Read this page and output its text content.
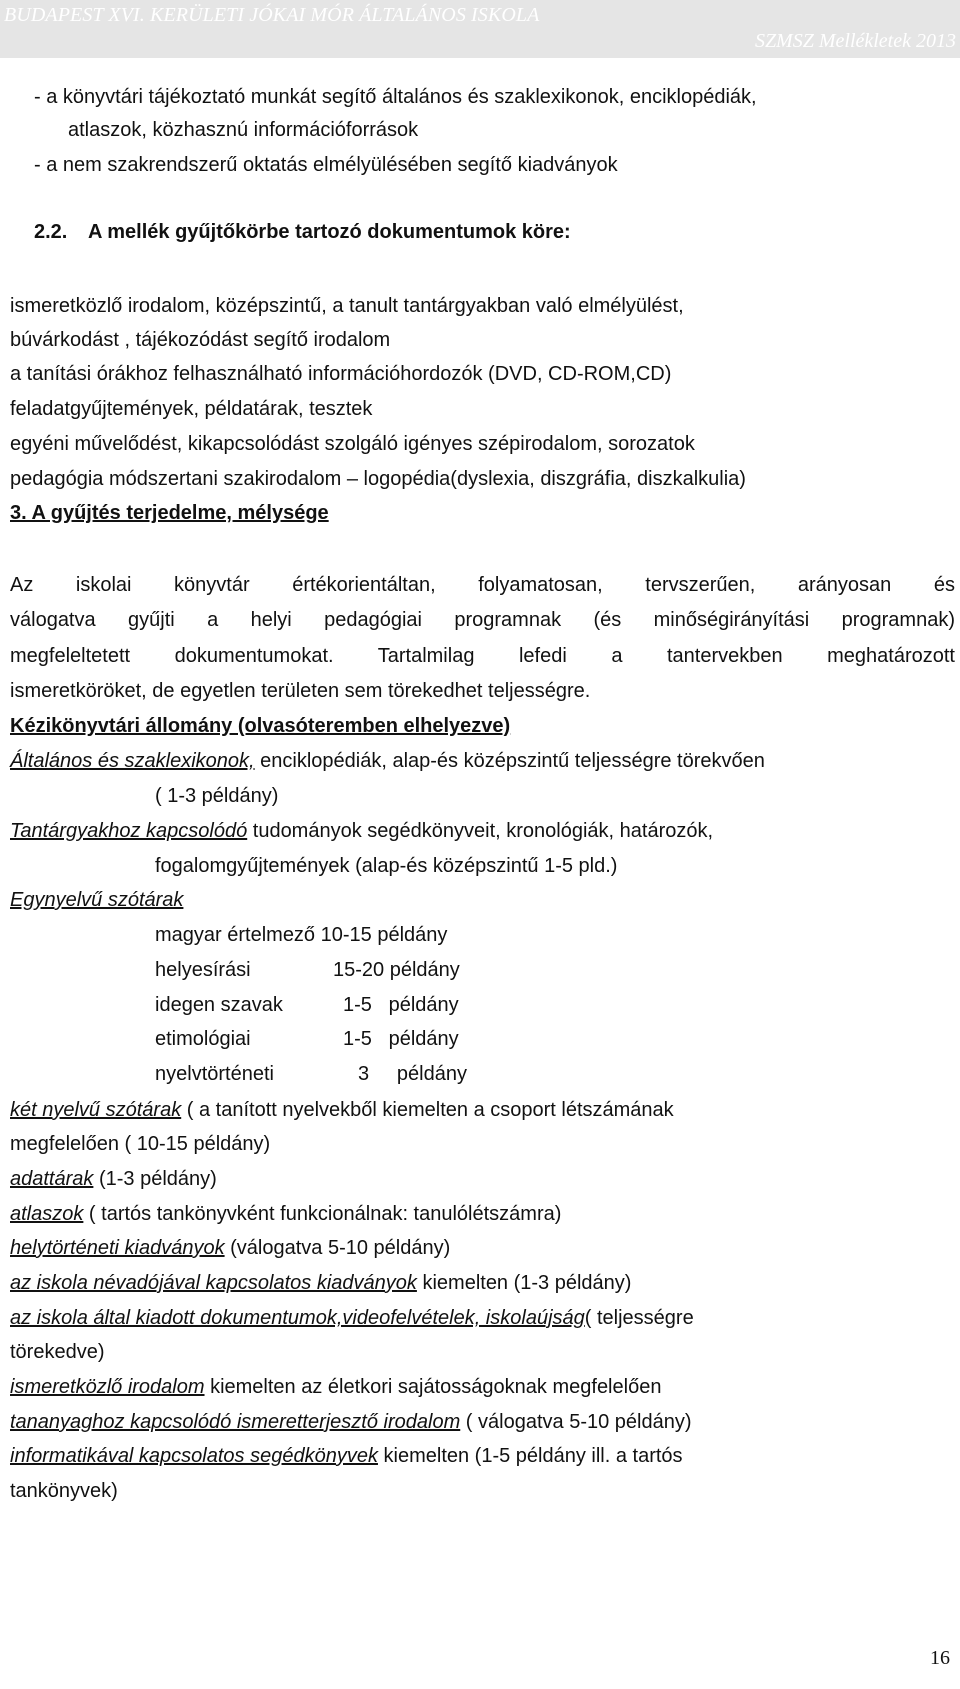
BUDAPEST XVI. KERÜLETI JÓKAI MÓR ÁLTALÁNOS ISKOLA
SZMSZ Mellékletek 2013
- a könyvtári tájékoztató munkát segítő általános és szaklexikonok, enciklopédiák,
atlaszok, közhasznú információforrások
- a nem szakrendszerű oktatás elmélyülésében segítő kiadványok
2.2. A mellék gyűjtőkörbe tartozó dokumentumok köre:
ismeretközlő irodalom, középszintű, a tanult tantárgyakban való elmélyülést,
búvárkodást , tájékozódást segítő irodalom
a tanítási órákhoz felhasználható információhordozók (DVD, CD-ROM,CD)
feladatgyűjtemények, példatárak, tesztek
egyéni művelődést, kikapcsolódást szolgáló igényes szépirodalom, sorozatok
pedagógia módszertani szakirodalom – logopédia(dyslexia, diszgráfia, diszkalkulia)
3. A gyűjtés terjedelme, mélysége
Az iskolai könyvtár értékorientáltan, folyamatosan, tervszerűen, arányosan és
válogatva gyűjti a helyi pedagógiai programnak (és minőségirányítási programnak)
megfeleltetett dokumentumokat. Tartalmilag lefedi a tantervekben meghatározott
ismeretköröket, de egyetlen területen sem törekedhet teljességre.
Kézikönyvtári állomány (olvasóteremben elhelyezve)
Általános és szaklexikonok, enciklopédiák, alap-és középszintű teljességre törekvően
( 1-3 példány)
Tantárgyakhoz kapcsolódó tudományok segédkönyveit, kronológiák, határozók,
fogalomgyűjtemények (alap-és középszintű 1-5 pld.)
Egynyelvű szótárak
magyar értelmező 10-15 példány
helyesírási	15-20 példány
idegen szavak	1-5   példány
etimológiai	1-5   példány
nyelvtörténeti	3     példány
két nyelvű szótárak ( a tanított nyelvekből kiemelten a csoport létszámának
megfelelően ( 10-15 példány)
adattárak (1-3 példány)
atlaszok ( tartós tankönyvként funkcionálnak: tanulólétszámra)
helytörténeti kiadványok (válogatva 5-10 példány)
az iskola névadójával kapcsolatos kiadványok kiemelten (1-3 példány)
az iskola által kiadott dokumentumok,videofelvételek, iskolaújság( teljességre
törekedve)
ismeretközlő irodalom kiemelten az életkori sajátosságoknak megfelelően
tananyaghoz kapcsolódó ismeretterjesztő irodalom ( válogatva 5-10 példány)
informatikával kapcsolatos segédkönyvek kiemelten (1-5 példány ill. a tartós
tankönyvek)
16
